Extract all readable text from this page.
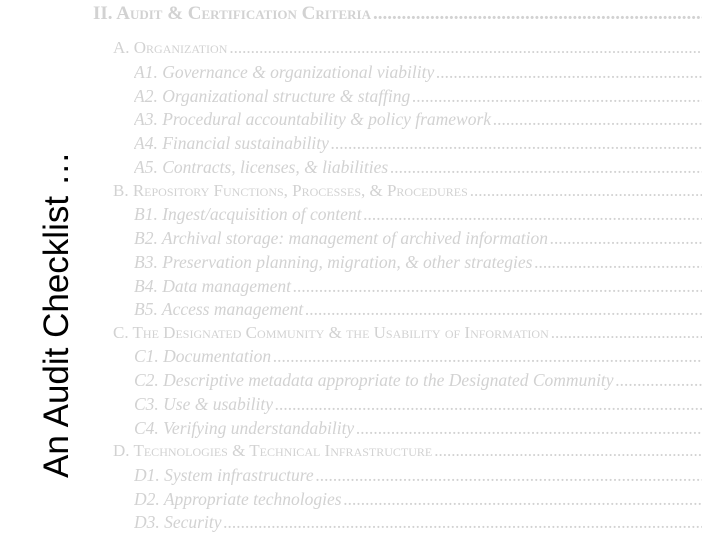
An Audit Checklist …
II. Audit & Certification Criteria
.....
A. Organization
.....
A1. Governance & organizational viability
.....
A2. Organizational structure & staffing
.....
A3. Procedural accountability & policy framework
.....
A4. Financial sustainability
.....
A5. Contracts, licenses, & liabilities
.....
B. Repository Functions, Processes, & Procedures
.....
B1. Ingest/acquisition of content
.....
B2. Archival storage: management of archived information
.....
B3. Preservation planning, migration, & other strategies
.....
B4. Data management
.....
B5. Access management
.....
C. The Designated Community & the Usability of Information
.....
C1. Documentation
.....
C2. Descriptive metadata appropriate to the Designated Community
.....
C3. Use & usability
.....
C4. Verifying understandability
.....
D. Technologies & Technical Infrastructure
.....
D1. System infrastructure
.....
D2. Appropriate technologies
.....
D3. Security
.....
